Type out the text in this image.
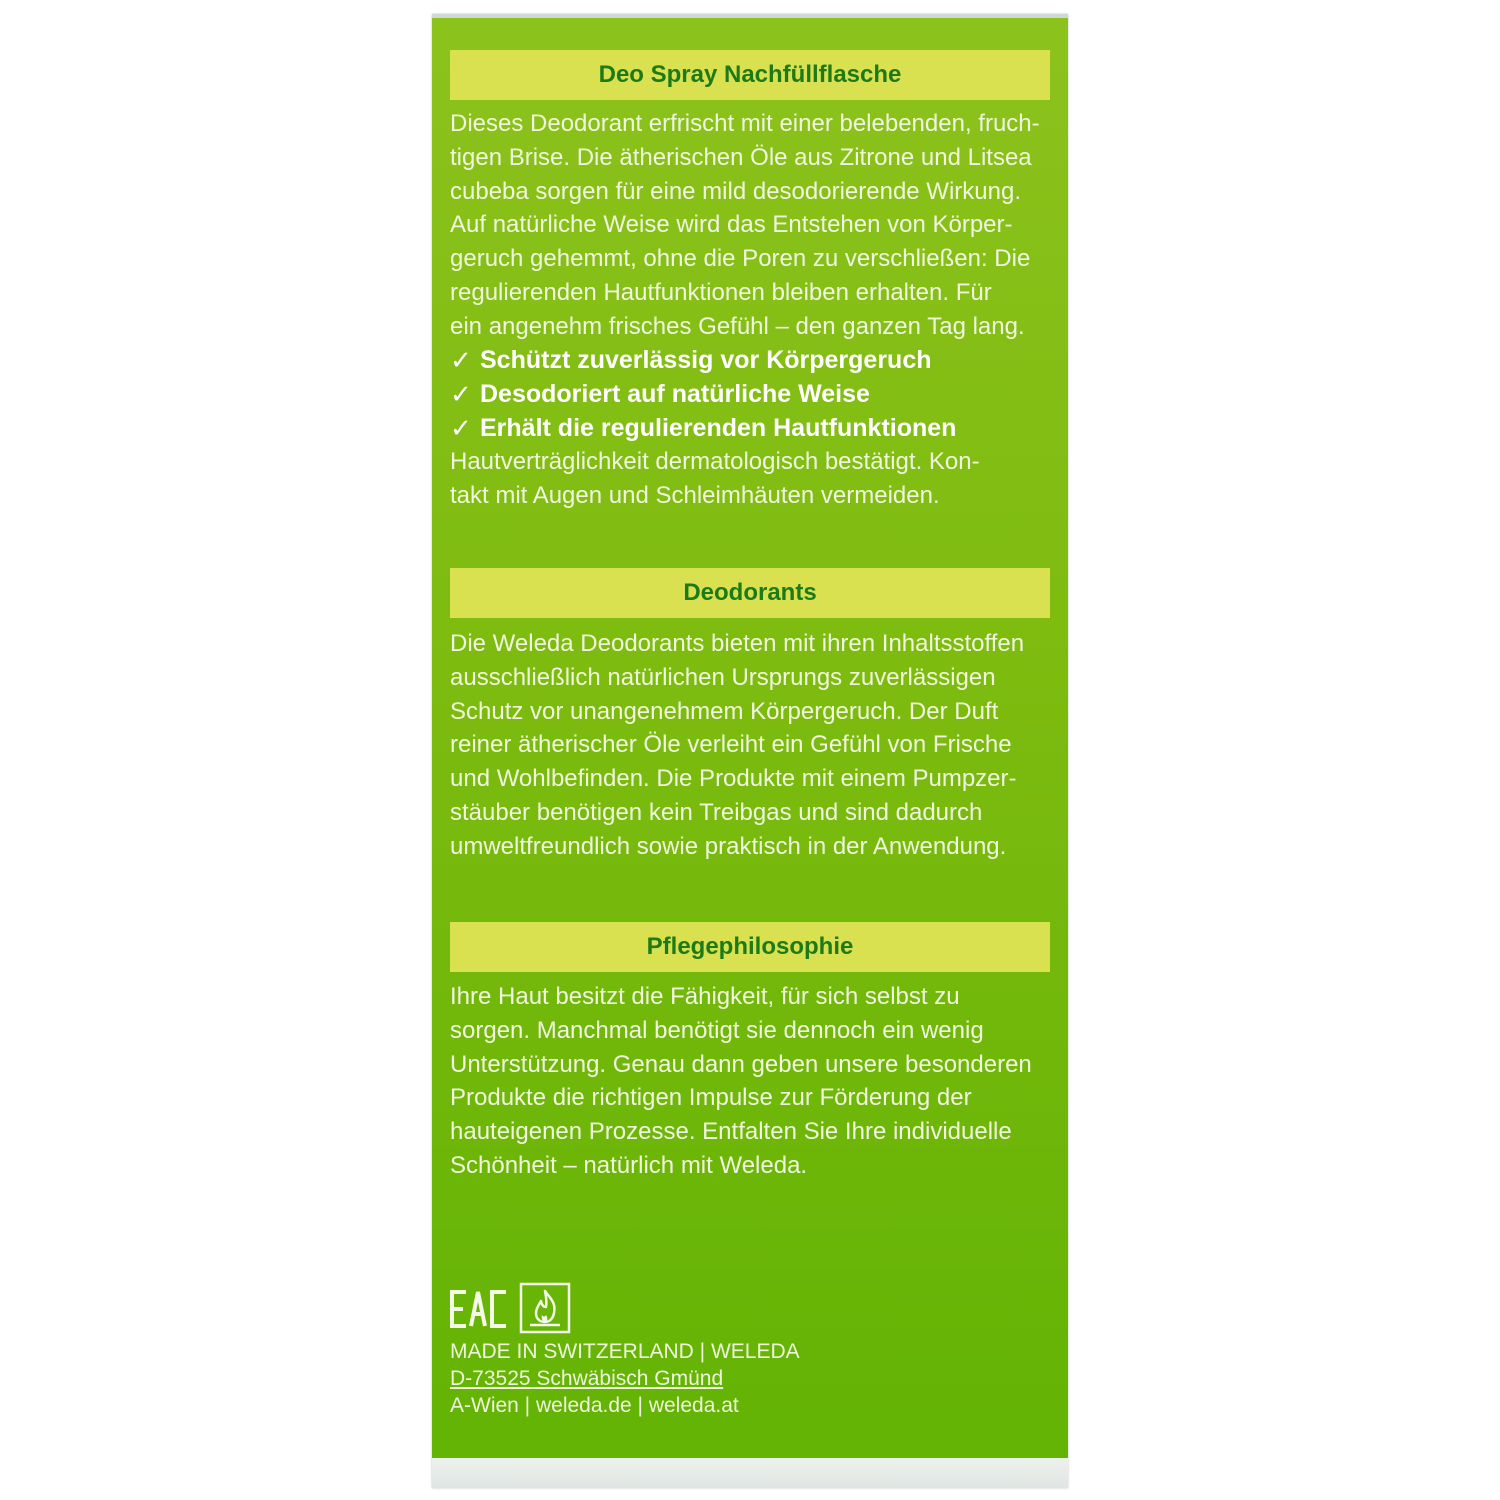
Deo Spray Nachfüllflasche
Dieses Deodorant erfrischt mit einer belebenden, fruch-
tigen Brise. Die ätherischen Öle aus Zitrone und Litsea
cubeba sorgen für eine mild desodorierende Wirkung.
Auf natürliche Weise wird das Entstehen von Körper-
geruch gehemmt, ohne die Poren zu verschließen: Die
regulierenden Hautfunktionen bleiben erhalten. Für
ein angenehm frisches Gefühl – den ganzen Tag lang.
✓ Schützt zuverlässig vor Körpergeruch
✓ Desodoriert auf natürliche Weise
✓ Erhält die regulierenden Hautfunktionen
Hautverträglichkeit dermatologisch bestätigt. Kon-
takt mit Augen und Schleimhäuten vermeiden.
Deodorants
Die Weleda Deodorants bieten mit ihren Inhaltsstoffen
ausschließlich natürlichen Ursprungs zuverlässigen
Schutz vor unangenehmem Körpergeruch. Der Duft
reiner ätherischer Öle verleiht ein Gefühl von Frische
und Wohlbefinden. Die Produkte mit einem Pumpzer-
stäuber benötigen kein Treibgas und sind dadurch
umweltfreundlich sowie praktisch in der Anwendung.
Pflegephilosophie
Ihre Haut besitzt die Fähigkeit, für sich selbst zu
sorgen. Manchmal benötigt sie dennoch ein wenig
Unterstützung. Genau dann geben unsere besonderen
Produkte die richtigen Impulse zur Förderung der
hauteigenen Prozesse. Entfalten Sie Ihre individuelle
Schönheit – natürlich mit Weleda.
MADE IN SWITZERLAND | WELEDA
D-73525 Schwäbisch Gmünd
A-Wien | weleda.de | weleda.at
